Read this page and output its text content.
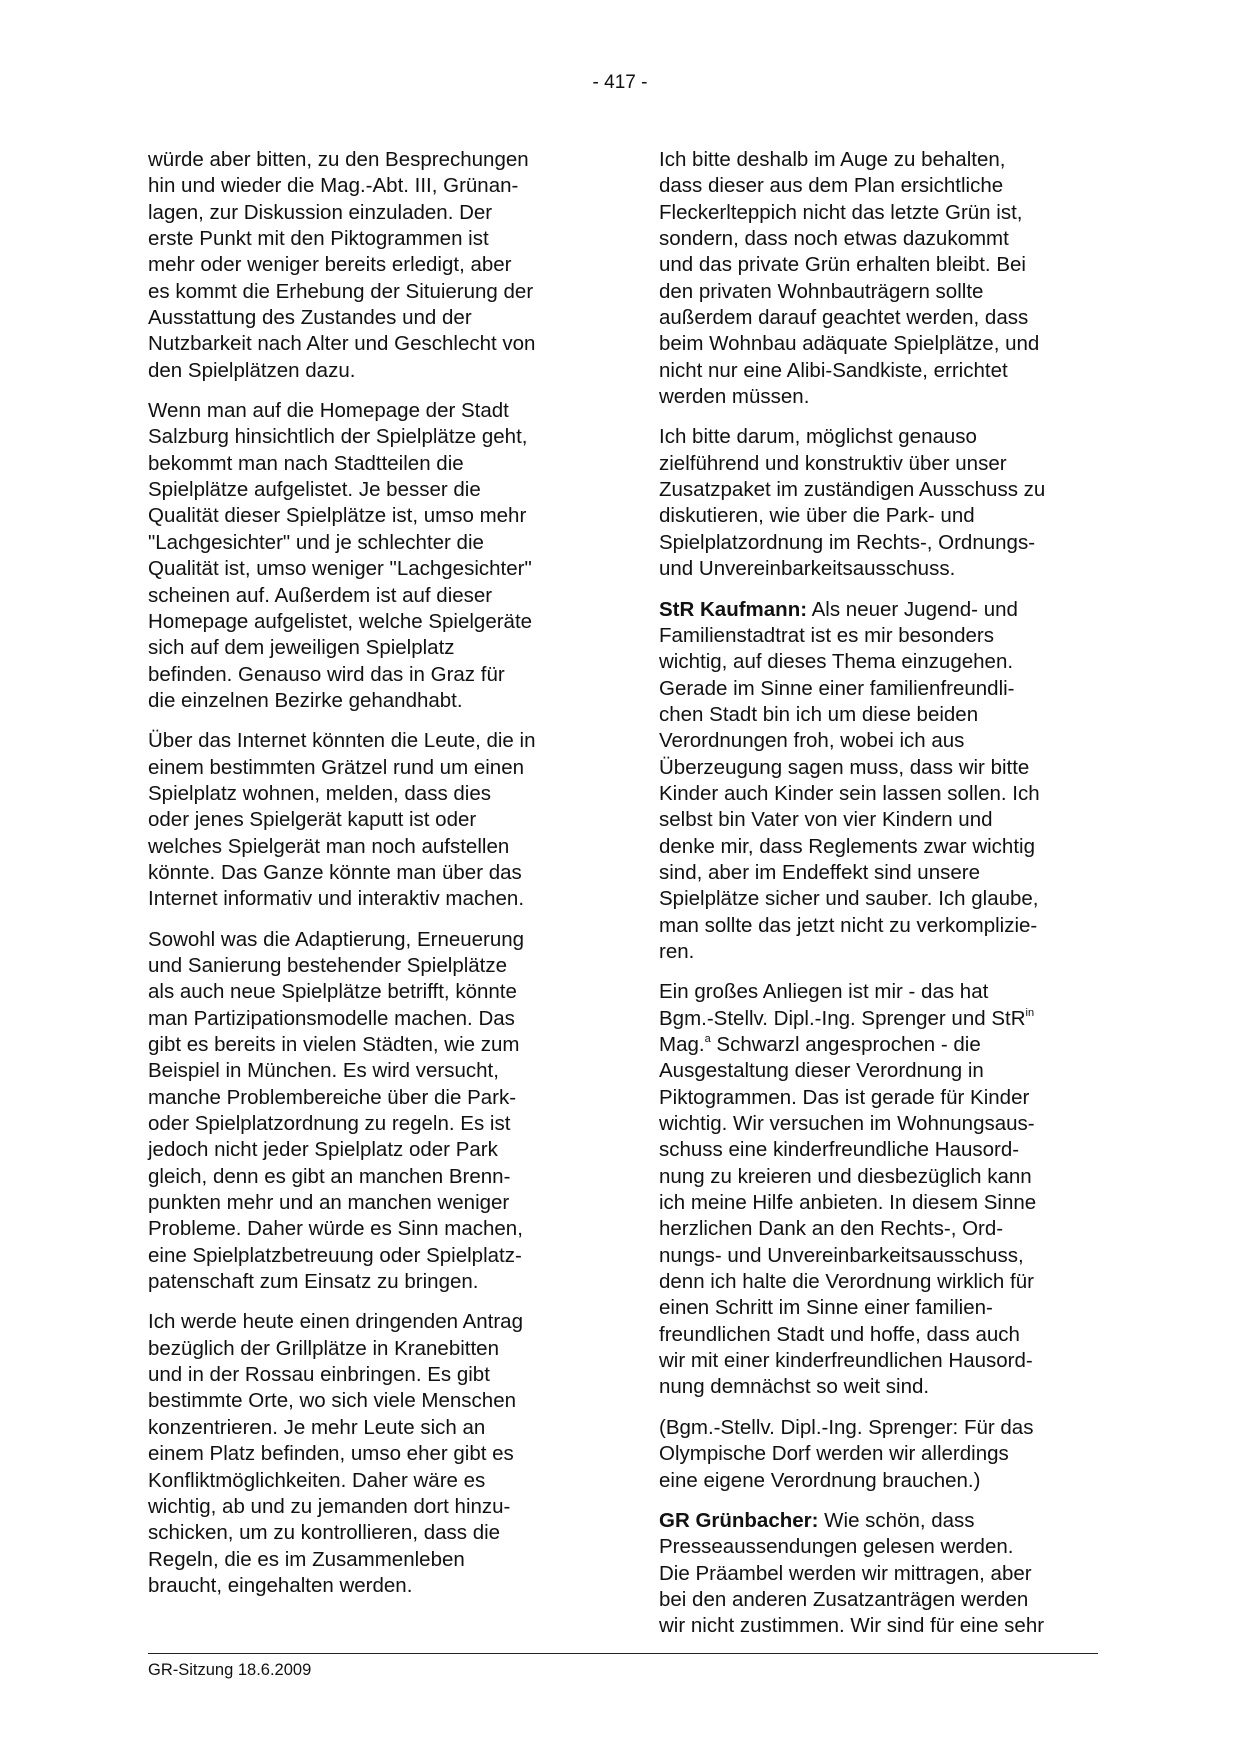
- 417 -

würde aber bitten, zu den Besprechungen
hin und wieder die Mag.-Abt. III, Grünan-
lagen, zur Diskussion einzuladen. Der
erste Punkt mit den Piktogrammen ist
mehr oder weniger bereits erledigt, aber
es kommt die Erhebung der Situierung der
Ausstattung des Zustandes und der
Nutzbarkeit nach Alter und Geschlecht von
den Spielplätzen dazu.

Wenn man auf die Homepage der Stadt
Salzburg hinsichtlich der Spielplätze geht,
bekommt man nach Stadtteilen die
Spielplätze aufgelistet. Je besser die
Qualität dieser Spielplätze ist, umso mehr
"Lachgesichter" und je schlechter die
Qualität ist, umso weniger "Lachgesichter"
scheinen auf. Außerdem ist auf dieser
Homepage aufgelistet, welche Spielgeräte
sich auf dem jeweiligen Spielplatz
befinden. Genauso wird das in Graz für
die einzelnen Bezirke gehandhabt.

Über das Internet könnten die Leute, die in
einem bestimmten Grätzel rund um einen
Spielplatz wohnen, melden, dass dies
oder jenes Spielgerät kaputt ist oder
welches Spielgerät man noch aufstellen
könnte. Das Ganze könnte man über das
Internet informativ und interaktiv machen.

Sowohl was die Adaptierung, Erneuerung
und Sanierung bestehender Spielplätze
als auch neue Spielplätze betrifft, könnte
man Partizipationsmodelle machen. Das
gibt es bereits in vielen Städten, wie zum
Beispiel in München. Es wird versucht,
manche Problembereiche über die Park-
oder Spielplatzordnung zu regeln. Es ist
jedoch nicht jeder Spielplatz oder Park
gleich, denn es gibt an manchen Brenn-
punkten mehr und an manchen weniger
Probleme. Daher würde es Sinn machen,
eine Spielplatzbetreuung oder Spielplatz-
patenschaft zum Einsatz zu bringen.

Ich werde heute einen dringenden Antrag
bezüglich der Grillplätze in Kranebitten
und in der Rossau einbringen. Es gibt
bestimmte Orte, wo sich viele Menschen
konzentrieren. Je mehr Leute sich an
einem Platz befinden, umso eher gibt es
Konfliktmöglichkeiten. Daher wäre es
wichtig, ab und zu jemanden dort hinzu-
schicken, um zu kontrollieren, dass die
Regeln, die es im Zusammenleben
braucht, eingehalten werden.

Ich bitte deshalb im Auge zu behalten,
dass dieser aus dem Plan ersichtliche
Fleckerlteppich nicht das letzte Grün ist,
sondern, dass noch etwas dazukommt
und das private Grün erhalten bleibt. Bei
den privaten Wohnbauträgern sollte
außerdem darauf geachtet werden, dass
beim Wohnbau adäquate Spielplätze, und
nicht nur eine Alibi-Sandkiste, errichtet
werden müssen.

Ich bitte darum, möglichst genauso
zielführend und konstruktiv über unser
Zusatzpaket im zuständigen Ausschuss zu
diskutieren, wie über die Park- und
Spielplatzordnung im Rechts-, Ordnungs-
und Unvereinbarkeitsausschuss.

StR Kaufmann: Als neuer Jugend- und
Familienstadtrat ist es mir besonders
wichtig, auf dieses Thema einzugehen.
Gerade im Sinne einer familienfreundli-
chen Stadt bin ich um diese beiden
Verordnungen froh, wobei ich aus
Überzeugung sagen muss, dass wir bitte
Kinder auch Kinder sein lassen sollen. Ich
selbst bin Vater von vier Kindern und
denke mir, dass Reglements zwar wichtig
sind, aber im Endeffekt sind unsere
Spielplätze sicher und sauber. Ich glaube,
man sollte das jetzt nicht zu verkomplizie-
ren.

Ein großes Anliegen ist mir - das hat
Bgm.-Stellv. Dipl.-Ing. Sprenger und StR$^{in}$
Mag.$^a$ Schwarzl angesprochen - die
Ausgestaltung dieser Verordnung in
Piktogrammen. Das ist gerade für Kinder
wichtig. Wir versuchen im Wohnungsaus-
schuss eine kinderfreundliche Hausord-
nung zu kreieren und diesbezüglich kann
ich meine Hilfe anbieten. In diesem Sinne
herzlichen Dank an den Rechts-, Ord-
nungs- und Unvereinbarkeitsausschuss,
denn ich halte die Verordnung wirklich für
einen Schritt im Sinne einer familien-
freundlichen Stadt und hoffe, dass auch
wir mit einer kinderfreundlichen Hausord-
nung demnächst so weit sind.

(Bgm.-Stellv. Dipl.-Ing. Sprenger: Für das
Olympische Dorf werden wir allerdings
eine eigene Verordnung brauchen.)

GR Grünbacher: Wie schön, dass
Presseaussendungen gelesen werden.
Die Präambel werden wir mittragen, aber
bei den anderen Zusatzanträgen werden
wir nicht zustimmen. Wir sind für eine sehr

GR-Sitzung 18.6.2009
